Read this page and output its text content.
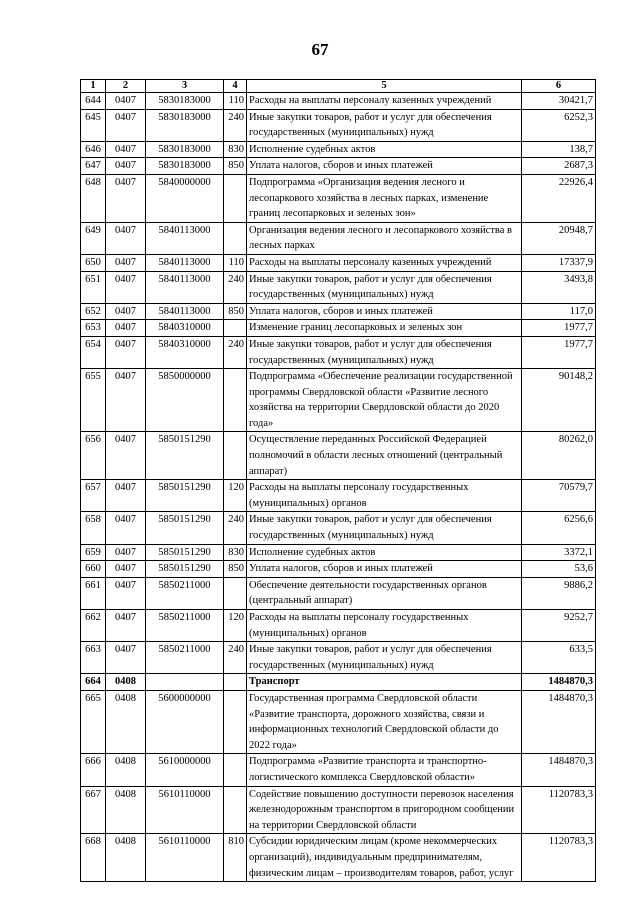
67
1	2	3	4	5	6
644	0407	5830183000	110	Расходы на выплаты персоналу казенных учреждений	30421,7
645	0407	5830183000	240	Иные закупки товаров, работ и услуг для обеспечения государственных (муниципальных) нужд	6252,3
646	0407	5830183000	830	Исполнение судебных актов	138,7
647	0407	5830183000	850	Уплата налогов, сборов и иных платежей	2687,3
648	0407	5840000000		Подпрограмма «Организация ведения лесного и лесопаркового хозяйства в лесных парках, изменение границ лесопарковых и зеленых зон»	22926,4
649	0407	5840113000		Организация ведения лесного и лесопаркового хозяйства в лесных парках	20948,7
650	0407	5840113000	110	Расходы на выплаты персоналу казенных учреждений	17337,9
651	0407	5840113000	240	Иные закупки товаров, работ и услуг для обеспечения государственных (муниципальных) нужд	3493,8
652	0407	5840113000	850	Уплата налогов, сборов и иных платежей	117,0
653	0407	5840310000		Изменение границ лесопарковых и зеленых зон	1977,7
654	0407	5840310000	240	Иные закупки товаров, работ и услуг для обеспечения государственных (муниципальных) нужд	1977,7
655	0407	5850000000		Подпрограмма «Обеспечение реализации государственной программы Свердловской области «Развитие лесного хозяйства на территории Свердловской области до 2020 года»	90148,2
656	0407	5850151290		Осуществление переданных Российской Федерацией полномочий в области лесных отношений (центральный аппарат)	80262,0
657	0407	5850151290	120	Расходы на выплаты персоналу государственных (муниципальных) органов	70579,7
658	0407	5850151290	240	Иные закупки товаров, работ и услуг для обеспечения государственных (муниципальных) нужд	6256,6
659	0407	5850151290	830	Исполнение судебных актов	3372,1
660	0407	5850151290	850	Уплата налогов, сборов и иных платежей	53,6
661	0407	5850211000		Обеспечение деятельности государственных органов (центральный аппарат)	9886,2
662	0407	5850211000	120	Расходы на выплаты персоналу государственных (муниципальных) органов	9252,7
663	0407	5850211000	240	Иные закупки товаров, работ и услуг для обеспечения государственных (муниципальных) нужд	633,5
664	0408			Транспорт	1484870,3
665	0408	5600000000		Государственная программа Свердловской области «Развитие транспорта, дорожного хозяйства, связи и информационных технологий Свердловской области до 2022 года»	1484870,3
666	0408	5610000000		Подпрограмма «Развитие транспорта и транспортно-логистического комплекса Свердловской области»	1484870,3
667	0408	5610110000		Содействие повышению доступности перевозок населения железнодорожным транспортом в пригородном сообщении на территории Свердловской области	1120783,3
668	0408	5610110000	810	Субсидии юридическим лицам (кроме некоммерческих организаций), индивидуальным предпринимателям, физическим лицам – производителям товаров, работ, услуг	1120783,3
